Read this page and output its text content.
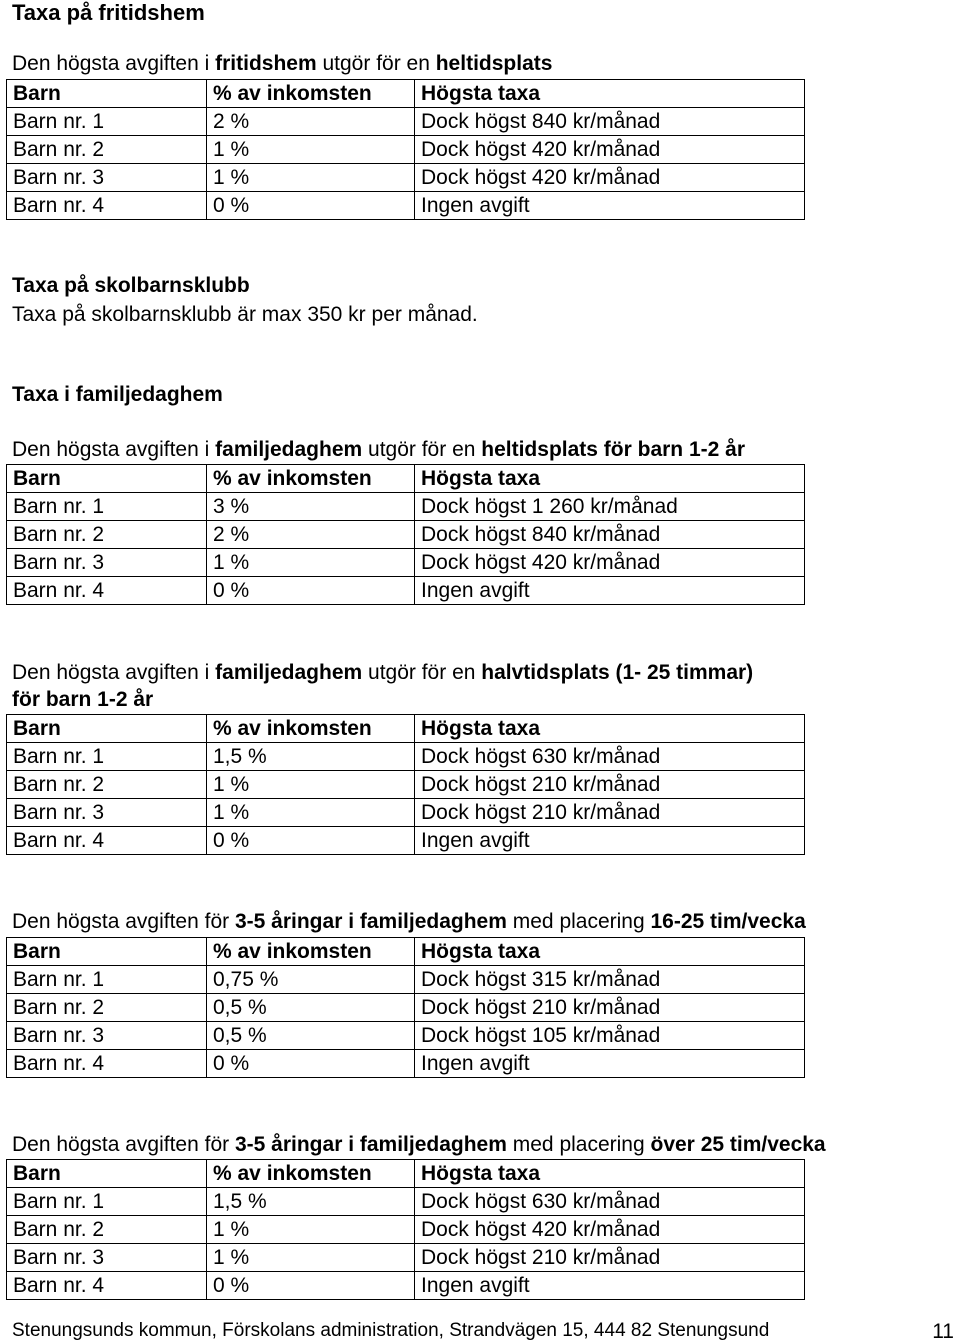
Taxa på fritidshem
Den högsta avgiften i fritidshem utgör för en heltidsplats
Barn	% av inkomsten	Högsta taxa
Barn nr. 1	2 %	Dock högst 840 kr/månad
Barn nr. 2	1 %	Dock högst 420 kr/månad
Barn nr. 3	1 %	Dock högst 420 kr/månad
Barn nr. 4	0 %	Ingen avgift
Taxa på skolbarnsklubb
Taxa på skolbarnsklubb är max 350 kr per månad.
Taxa i familjedaghem
Den högsta avgiften i familjedaghem utgör för en heltidsplats för barn 1-2 år
Barn	% av inkomsten	Högsta taxa
Barn nr. 1	3 %	Dock högst 1 260 kr/månad
Barn nr. 2	2 %	Dock högst 840 kr/månad
Barn nr. 3	1 %	Dock högst 420 kr/månad
Barn nr. 4	0 %	Ingen avgift
Den högsta avgiften i familjedaghem utgör för en halvtidsplats (1- 25 timmar)
för barn 1-2 år
Barn	% av inkomsten	Högsta taxa
Barn nr. 1	1,5 %	Dock högst 630 kr/månad
Barn nr. 2	1 %	Dock högst 210 kr/månad
Barn nr. 3	1 %	Dock högst 210 kr/månad
Barn nr. 4	0 %	Ingen avgift
Den högsta avgiften för 3-5 åringar i familjedaghem med placering 16-25 tim/vecka
Barn	% av inkomsten	Högsta taxa
Barn nr. 1	0,75 %	Dock högst 315 kr/månad
Barn nr. 2	0,5 %	Dock högst 210 kr/månad
Barn nr. 3	0,5 %	Dock högst 105 kr/månad
Barn nr. 4	0 %	Ingen avgift
Den högsta avgiften för 3-5 åringar i familjedaghem med placering över 25 tim/vecka
Barn	% av inkomsten	Högsta taxa
Barn nr. 1	1,5 %	Dock högst 630 kr/månad
Barn nr. 2	1 %	Dock högst 420 kr/månad
Barn nr. 3	1 %	Dock högst 210 kr/månad
Barn nr. 4	0 %	Ingen avgift
Stenungsunds kommun, Förskolans administration, Strandvägen 15, 444 82 Stenungsund	11
